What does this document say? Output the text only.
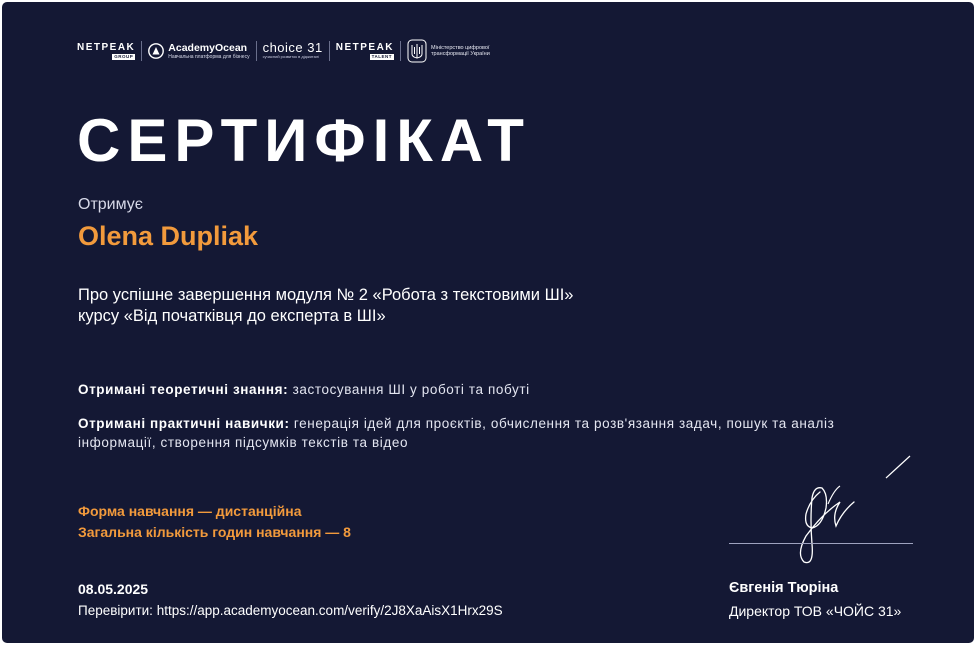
NETPEAK
GROUP
AcademyOcean
Навчальна платформа для бізнесу
choice 31
сучасний розвиток в діджиталі
NETPEAK
TALENT
Міністерство цифрової трансформації України
СЕРТИФІКАТ
Отримує
Olena Dupliak
Про успішне завершення модуля № 2 «Робота з текстовими ШІ»
курсу «Від початківця до експерта в ШІ»

Отримані теоретичні знання: застосування ШІ у роботі та побуті

Отримані практичні навички: генерація ідей для проєктів, обчислення та розв'язання задач, пошук та аналіз інформації, створення підсумків текстів та відео

Форма навчання — дистанційна
Загальна кількість годин навчання — 8
08.05.2025
Перевірити: https://app.academyocean.com/verify/2J8XaAisX1Hrx29S
Євгенія Тюріна
Директор ТОВ «ЧОЙС 31»
